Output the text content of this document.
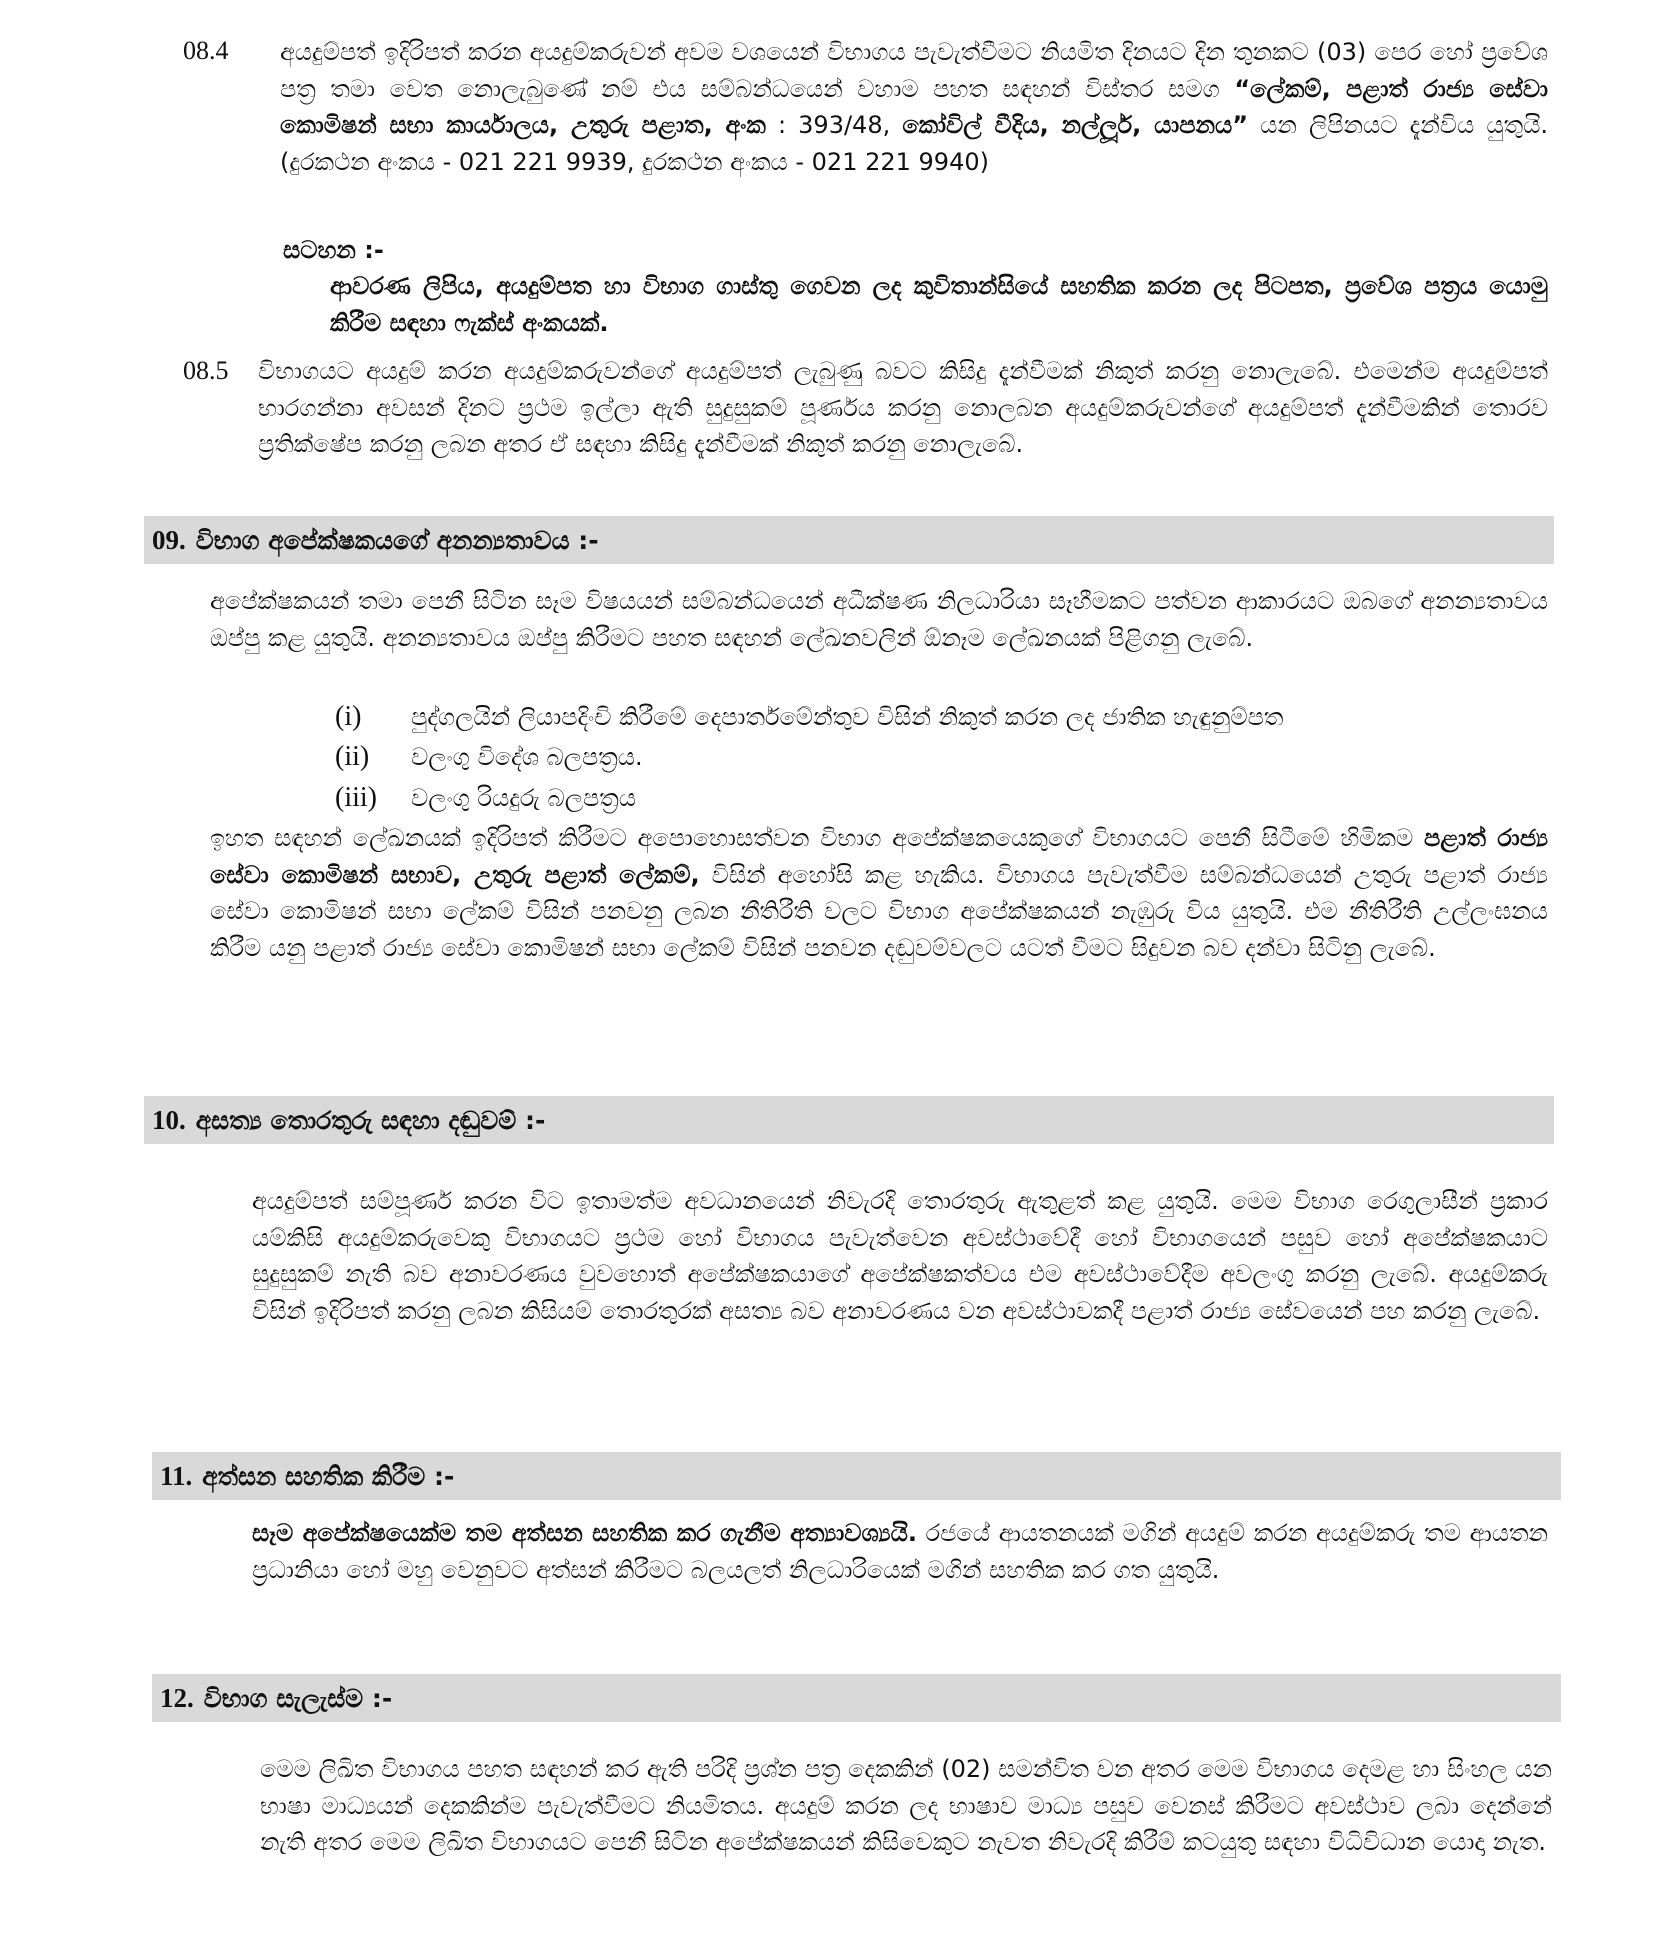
08.4 අයදුම්පත් ඉදිරිපත් කරන අයදුම්කරුවන් අවම වශයෙන් විභාගය පැවැත්වීමට නියමිත දිනයට දින තුනකට (03) පෙර හෝ ප්‍රවේශ පත්‍ර තමා වෙත නොලැබුණේ නම් එය සම්බන්ධයෙන් වහාම පහත සඳහන් විස්තර සමග “ලේකම්, පළාත් රාජ්‍ය සේවා කොමිෂන් සභා කාර්යාලය, උතුරු පළාත, අංක : 393/48, කෝවිල් වීදිය, නල්ලූර්, යාපනය” යන ලිපිනයට දැන්විය යුතුයි. (දුරකථන අංකය - 021 221 9939, දුරකථන අංකය - 021 221 9940)
සටහන :-
ආවරණ ලිපිය, අයදුම්පත හා විභාග ගාස්තු ගෙවන ලද කුවිතාන්සියේ සහතික කරන ලද පිටපත, ප්‍රවේශ පත්‍රය යොමු කිරීම සඳහා ෆැක්ස් අංකයක්.
08.5 විභාගයට අයදුම් කරන අයදුම්කරුවන්ගේ අයදුම්පත් ලැබුණු බවට කිසිදු දැන්වීමක් නිකුත් කරනු නොලැබේ. එමෙන්ම අයදුම්පත් භාරගන්නා අවසන් දිනට ප්‍රථම ඉල්ලා ඇති සුදුසුකම් පූර්ණය කරනු නොලබන අයදුම්කරුවන්ගේ අයදුම්පත් දැන්වීමකින් තොරව ප්‍රතික්ෂේප කරනු ලබන අතර ඒ සඳහා කිසිදු දැන්වීමක් නිකුත් කරනු නොලැබේ.
09. විභාග අපේක්ෂකයගේ අනන්‍යතාවය :-
අපේක්ෂකයන් තමා පෙනී සිටින සෑම විෂයයන් සම්බන්ධයෙන් අධීක්ෂණ නිලධාරියා සෑහීමකට පත්වන ආකාරයට ඔබගේ අනන්‍යතාවය ඔප්පු කළ යුතුයි. අනන්‍යතාවය ඔප්පු කිරීමට පහත සඳහන් ලේඛනවලින් ඕනෑම ලේඛනයක් පිළිගනු ලැබේ.
(i) පුද්ගලයින් ලියාපදිංචි කිරීමේ දෙපාර්තමේන්තුව විසින් නිකුත් කරන ලද ජාතික හැඳුනුම්පත
(ii) වලංගු විදේශ බලපත්‍රය.
(iii) වලංගු රියදුරු බලපත්‍රය
ඉහත සඳහන් ලේඛනයක් ඉදිරිපත් කිරීමට අපොහොසත්වන විභාග අපේක්ෂකයෙකුගේ විභාගයට පෙනී සිටීමේ හිමිකම පළාත් රාජ්‍ය සේවා කොමිෂන් සභාව, උතුරු පළාත් ලේකම්, විසින් අහෝසි කළ හැකිය. විභාගය පැවැත්වීම සම්බන්ධයෙන් උතුරු පළාත් රාජ්‍ය සේවා කොමිෂන් සභා ලේකම් විසින් පනවනු ලබන නීතිරීති වලට විභාග අපේක්ෂකයන් නැඹුරු විය යුතුයි. එම නීතිරීති උල්ලංඝනය කිරීම යනු පළාත් රාජ්‍ය සේවා කොමිෂන් සභා ලේකම් විසින් පනවන දඬුවම්වලට යටත් වීමට සිදුවන බව දන්වා සිටිනු ලැබේ.
10. අසත්‍ය තොරතුරු සඳහා දඬුවම් :-
අයදුම්පත් සම්පූර්ණ කරන විට ඉතාමත්ම අවධානයෙන් නිවැරදි තොරතුරු ඇතුළත් කළ යුතුයි. මෙම විභාග රෙගුලාසීන් ප්‍රකාර යම්කිසි අයදුම්කරුවෙකු විභාගයට ප්‍රථම හෝ විභාගය පැවැත්වෙන අවස්ථාවේදී හෝ විභාගයෙන් පසුව හෝ අපේක්ෂකයාට සුදුසුකම් නැති බව අනාවරණය වුවහොත් අපේක්ෂකයාගේ අපේක්ෂකත්වය එම අවස්ථාවේදීම අවලංගු කරනු ලැබේ. අයදුම්කරු විසින් ඉදිරිපත් කරනු ලබන කිසියම් තොරතුරක් අසත්‍ය බව අනාවරණය වන අවස්ථාවකදී පළාත් රාජ්‍ය සේවයෙන් පහ කරනු ලැබේ.
11. අත්සන සහතික කිරීම :-
සෑම අපේක්ෂයෙක්ම තම අත්සන සහතික කර ගැනීම අත්‍යාවශ්‍යයි. රජයේ ආයතනයක් මගින් අයදුම් කරන අයදුම්කරු තම ආයතන ප්‍රධානියා හෝ මහු වෙනුවට අත්සන් කිරීමට බලයලත් නිලධාරියෙක් මගින් සහතික කර ගත යුතුයි.
12. විභාග සැලැස්ම :-
මෙම ලිඛිත විභාගය පහත සඳහන් කර ඇති පරිදි ප්‍රශ්න පත්‍ර දෙකකින් (02) සමන්විත වන අතර මෙම විභාගය දෙමළ හා සිංහල යන භාෂා මාධ්‍යයන් දෙකකින්ම පැවැත්වීමට නියමිතය. අයදුම් කරන ලද භාෂාව මාධ්‍ය පසුව වෙනස් කිරීමට අවස්ථාව ලබා දෙන්නේ නැති අතර මෙම ලිඛිත විභාගයට පෙනී සිටින අපේක්ෂකයන් කිසිවෙකුට නැවත නිවැරදි කිරීම් කටයුතු සඳහා විධිවිධාන යොදා නැත.
